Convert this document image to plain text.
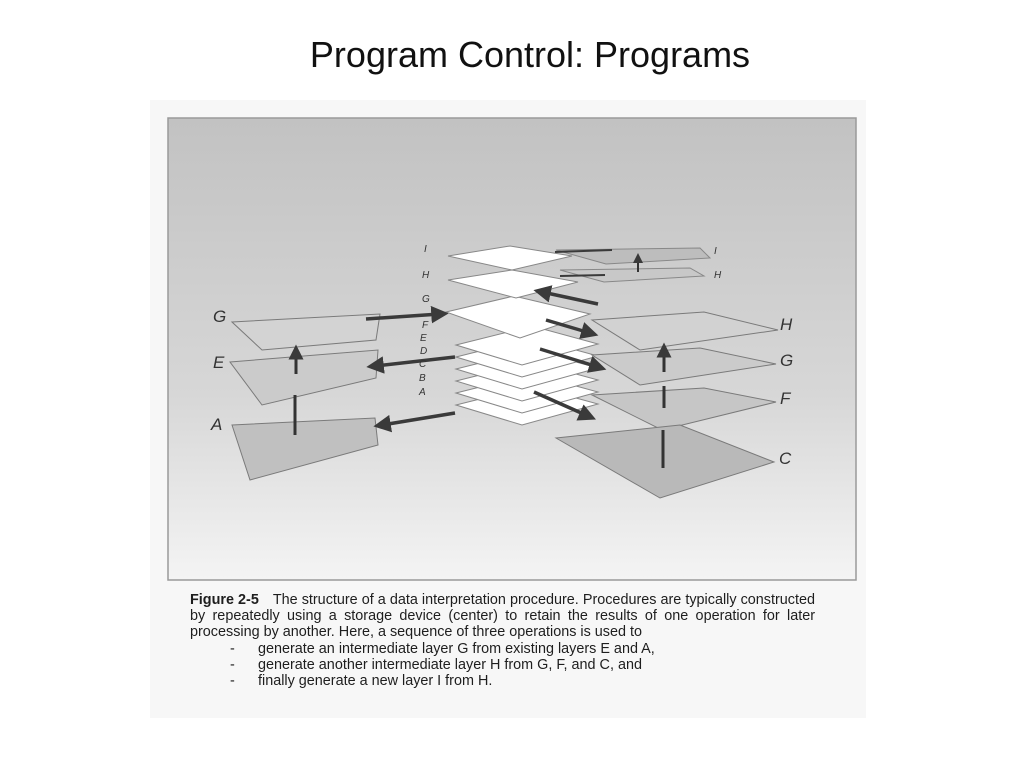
Program Control: Programs
G
E
A
I
H
G
F
E
D
C
B
A
I
H
H
G
F
C
Figure 2-5 The structure of a data interpretation procedure. Procedures are typically constructed by repeatedly using a storage device (center) to retain the results of one operation for later processing by another. Here, a sequence of three operations is used to
- generate an intermediate layer G from existing layers E and A,
- generate another intermediate layer H from G, F, and C, and
- finally generate a new layer I from H.
